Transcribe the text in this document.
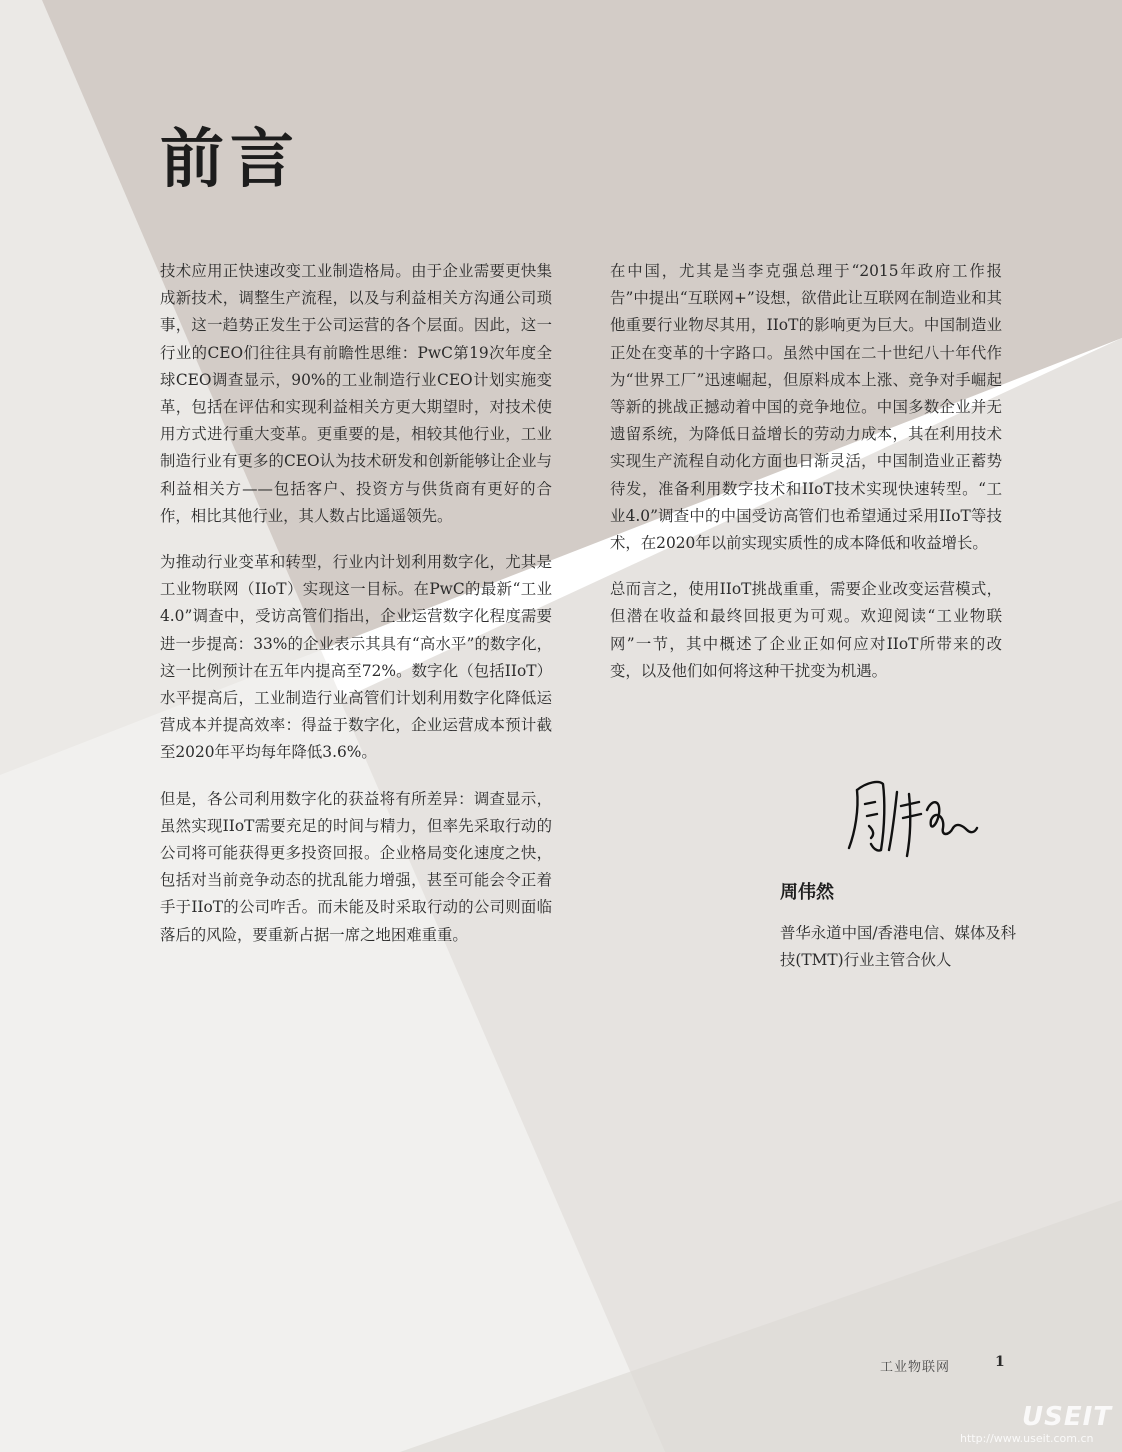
前言

技术应用正快速改变工业制造格局。由于企业需要更快集成新技术，调整生产流程，以及与利益相关方沟通公司琐事，这一趋势正发生于公司运营的各个层面。因此，这一行业的CEO们往往具有前瞻性思维：PwC第19次年度全球CEO调查显示，90%的工业制造行业CEO计划实施变革，包括在评估和实现利益相关方更大期望时，对技术使用方式进行重大变革。更重要的是，相较其他行业，工业制造行业有更多的CEO认为技术研发和创新能够让企业与利益相关方——包括客户、投资方与供货商有更好的合作，相比其他行业，其人数占比遥遥领先。

为推动行业变革和转型，行业内计划利用数字化，尤其是工业物联网（IIoT）实现这一目标。在PwC的最新“工业4.0”调查中，受访高管们指出，企业运营数字化程度需要进一步提高：33%的企业表示其具有“高水平”的数字化，这一比例预计在五年内提高至72%。数字化（包括IIoT）水平提高后，工业制造行业高管们计划利用数字化降低运营成本并提高效率：得益于数字化，企业运营成本预计截至2020年平均每年降低3.6%。

但是，各公司利用数字化的获益将有所差异：调查显示，虽然实现IIoT需要充足的时间与精力，但率先采取行动的公司将可能获得更多投资回报。企业格局变化速度之快，包括对当前竞争动态的扰乱能力增强，甚至可能会令正着手于IIoT的公司咋舌。而未能及时采取行动的公司则面临落后的风险，要重新占据一席之地困难重重。

在中国，尤其是当李克强总理于“2015年政府工作报告”中提出“互联网+”设想，欲借此让互联网在制造业和其他重要行业物尽其用，IIoT的影响更为巨大。中国制造业正处在变革的十字路口。虽然中国在二十世纪八十年代作为“世界工厂”迅速崛起，但原料成本上涨、竞争对手崛起等新的挑战正撼动着中国的竞争地位。中国多数企业并无遗留系统，为降低日益增长的劳动力成本，其在利用技术实现生产流程自动化方面也日渐灵活，中国制造业正蓄势待发，准备利用数字技术和IIoT技术实现快速转型。“工业4.0”调查中的中国受访高管们也希望通过采用IIoT等技术，在2020年以前实现实质性的成本降低和收益增长。

总而言之，使用IIoT挑战重重，需要企业改变运营模式，但潜在收益和最终回报更为可观。欢迎阅读“工业物联网”一节，其中概述了企业正如何应对IIoT所带来的改变，以及他们如何将这种干扰变为机遇。

周伟然
普华永道中国/香港电信、媒体及科技(TMT)行业主管合伙人
工业物联网	1
USEIT
http://www.useit.com.cn
